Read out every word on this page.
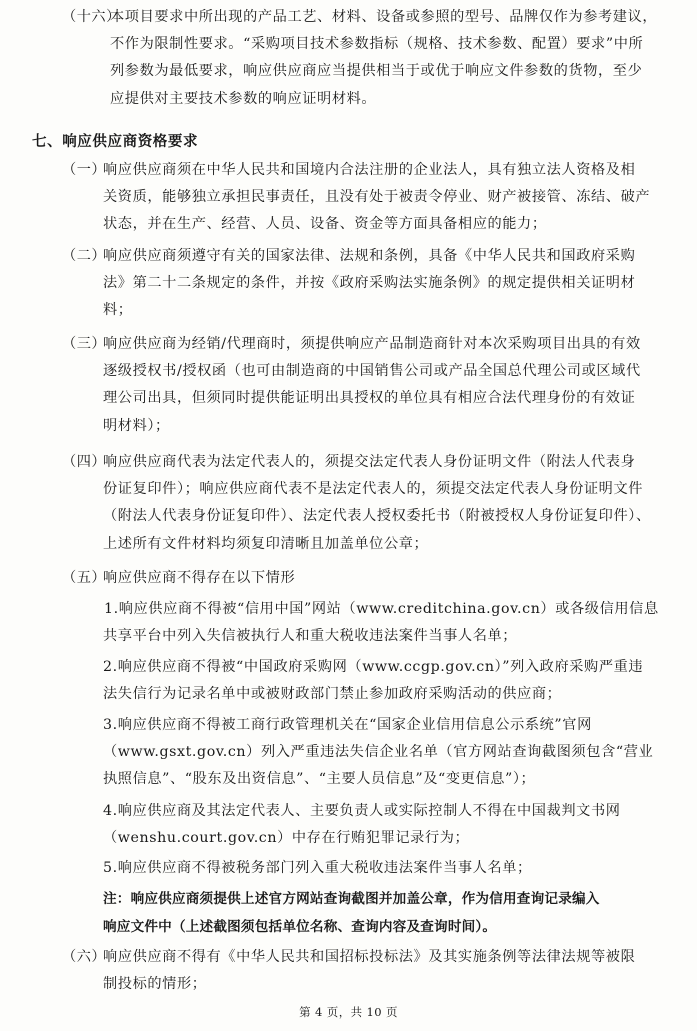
（十六）
本项目要求中所出现的产品工艺、材料、设备或参照的型号、品牌仅作为参考建议，
不作为限制性要求。“采购项目技术参数指标（规格、技术参数、配置）要求”中所
列参数为最低要求，响应供应商应当提供相当于或优于响应文件参数的货物，至少
应提供对主要技术参数的响应证明材料。
七、响应供应商资格要求
（一）
响应供应商须在中华人民共和国境内合法注册的企业法人，具有独立法人资格及相
关资质，能够独立承担民事责任，且没有处于被责令停业、财产被接管、冻结、破产
状态，并在生产、经营、人员、设备、资金等方面具备相应的能力；
（二）
响应供应商须遵守有关的国家法律、法规和条例，具备《中华人民共和国政府采购
法》第二十二条规定的条件，并按《政府采购法实施条例》的规定提供相关证明材
料；
（三）
响应供应商为经销/代理商时，须提供响应产品制造商针对本次采购项目出具的有效
逐级授权书/授权函（也可由制造商的中国销售公司或产品全国总代理公司或区域代
理公司出具，但须同时提供能证明出具授权的单位具有相应合法代理身份的有效证
明材料）；
（四）
响应供应商代表为法定代表人的，须提交法定代表人身份证明文件（附法人代表身
份证复印件）；响应供应商代表不是法定代表人的，须提交法定代表人身份证明文件
（附法人代表身份证复印件）、法定代表人授权委托书（附被授权人身份证复印件）、
上述所有文件材料均须复印清晰且加盖单位公章；
（五）
响应供应商不得存在以下情形
1.响应供应商不得被“信用中国”网站（www.creditchina.gov.cn）或各级信用信息
共享平台中列入失信被执行人和重大税收违法案件当事人名单；
2.响应供应商不得被“中国政府采购网（www.ccgp.gov.cn）”列入政府采购严重违
法失信行为记录名单中或被财政部门禁止参加政府采购活动的供应商；
3.响应供应商不得被工商行政管理机关在“国家企业信用信息公示系统”官网
（www.gsxt.gov.cn）列入严重违法失信企业名单（官方网站查询截图须包含“营业
执照信息”、“股东及出资信息”、“主要人员信息”及“变更信息”）；
4.响应供应商及其法定代表人、主要负责人或实际控制人不得在中国裁判文书网
（wenshu.court.gov.cn）中存在行贿犯罪记录行为；
5.响应供应商不得被税务部门列入重大税收违法案件当事人名单；
注：响应供应商须提供上述官方网站查询截图并加盖公章，作为信用查询记录编入
响应文件中（上述截图须包括单位名称、查询内容及查询时间）。
（六）
响应供应商不得有《中华人民共和国招标投标法》及其实施条例等法律法规等被限
制投标的情形；
第 4 页，共 10 页
